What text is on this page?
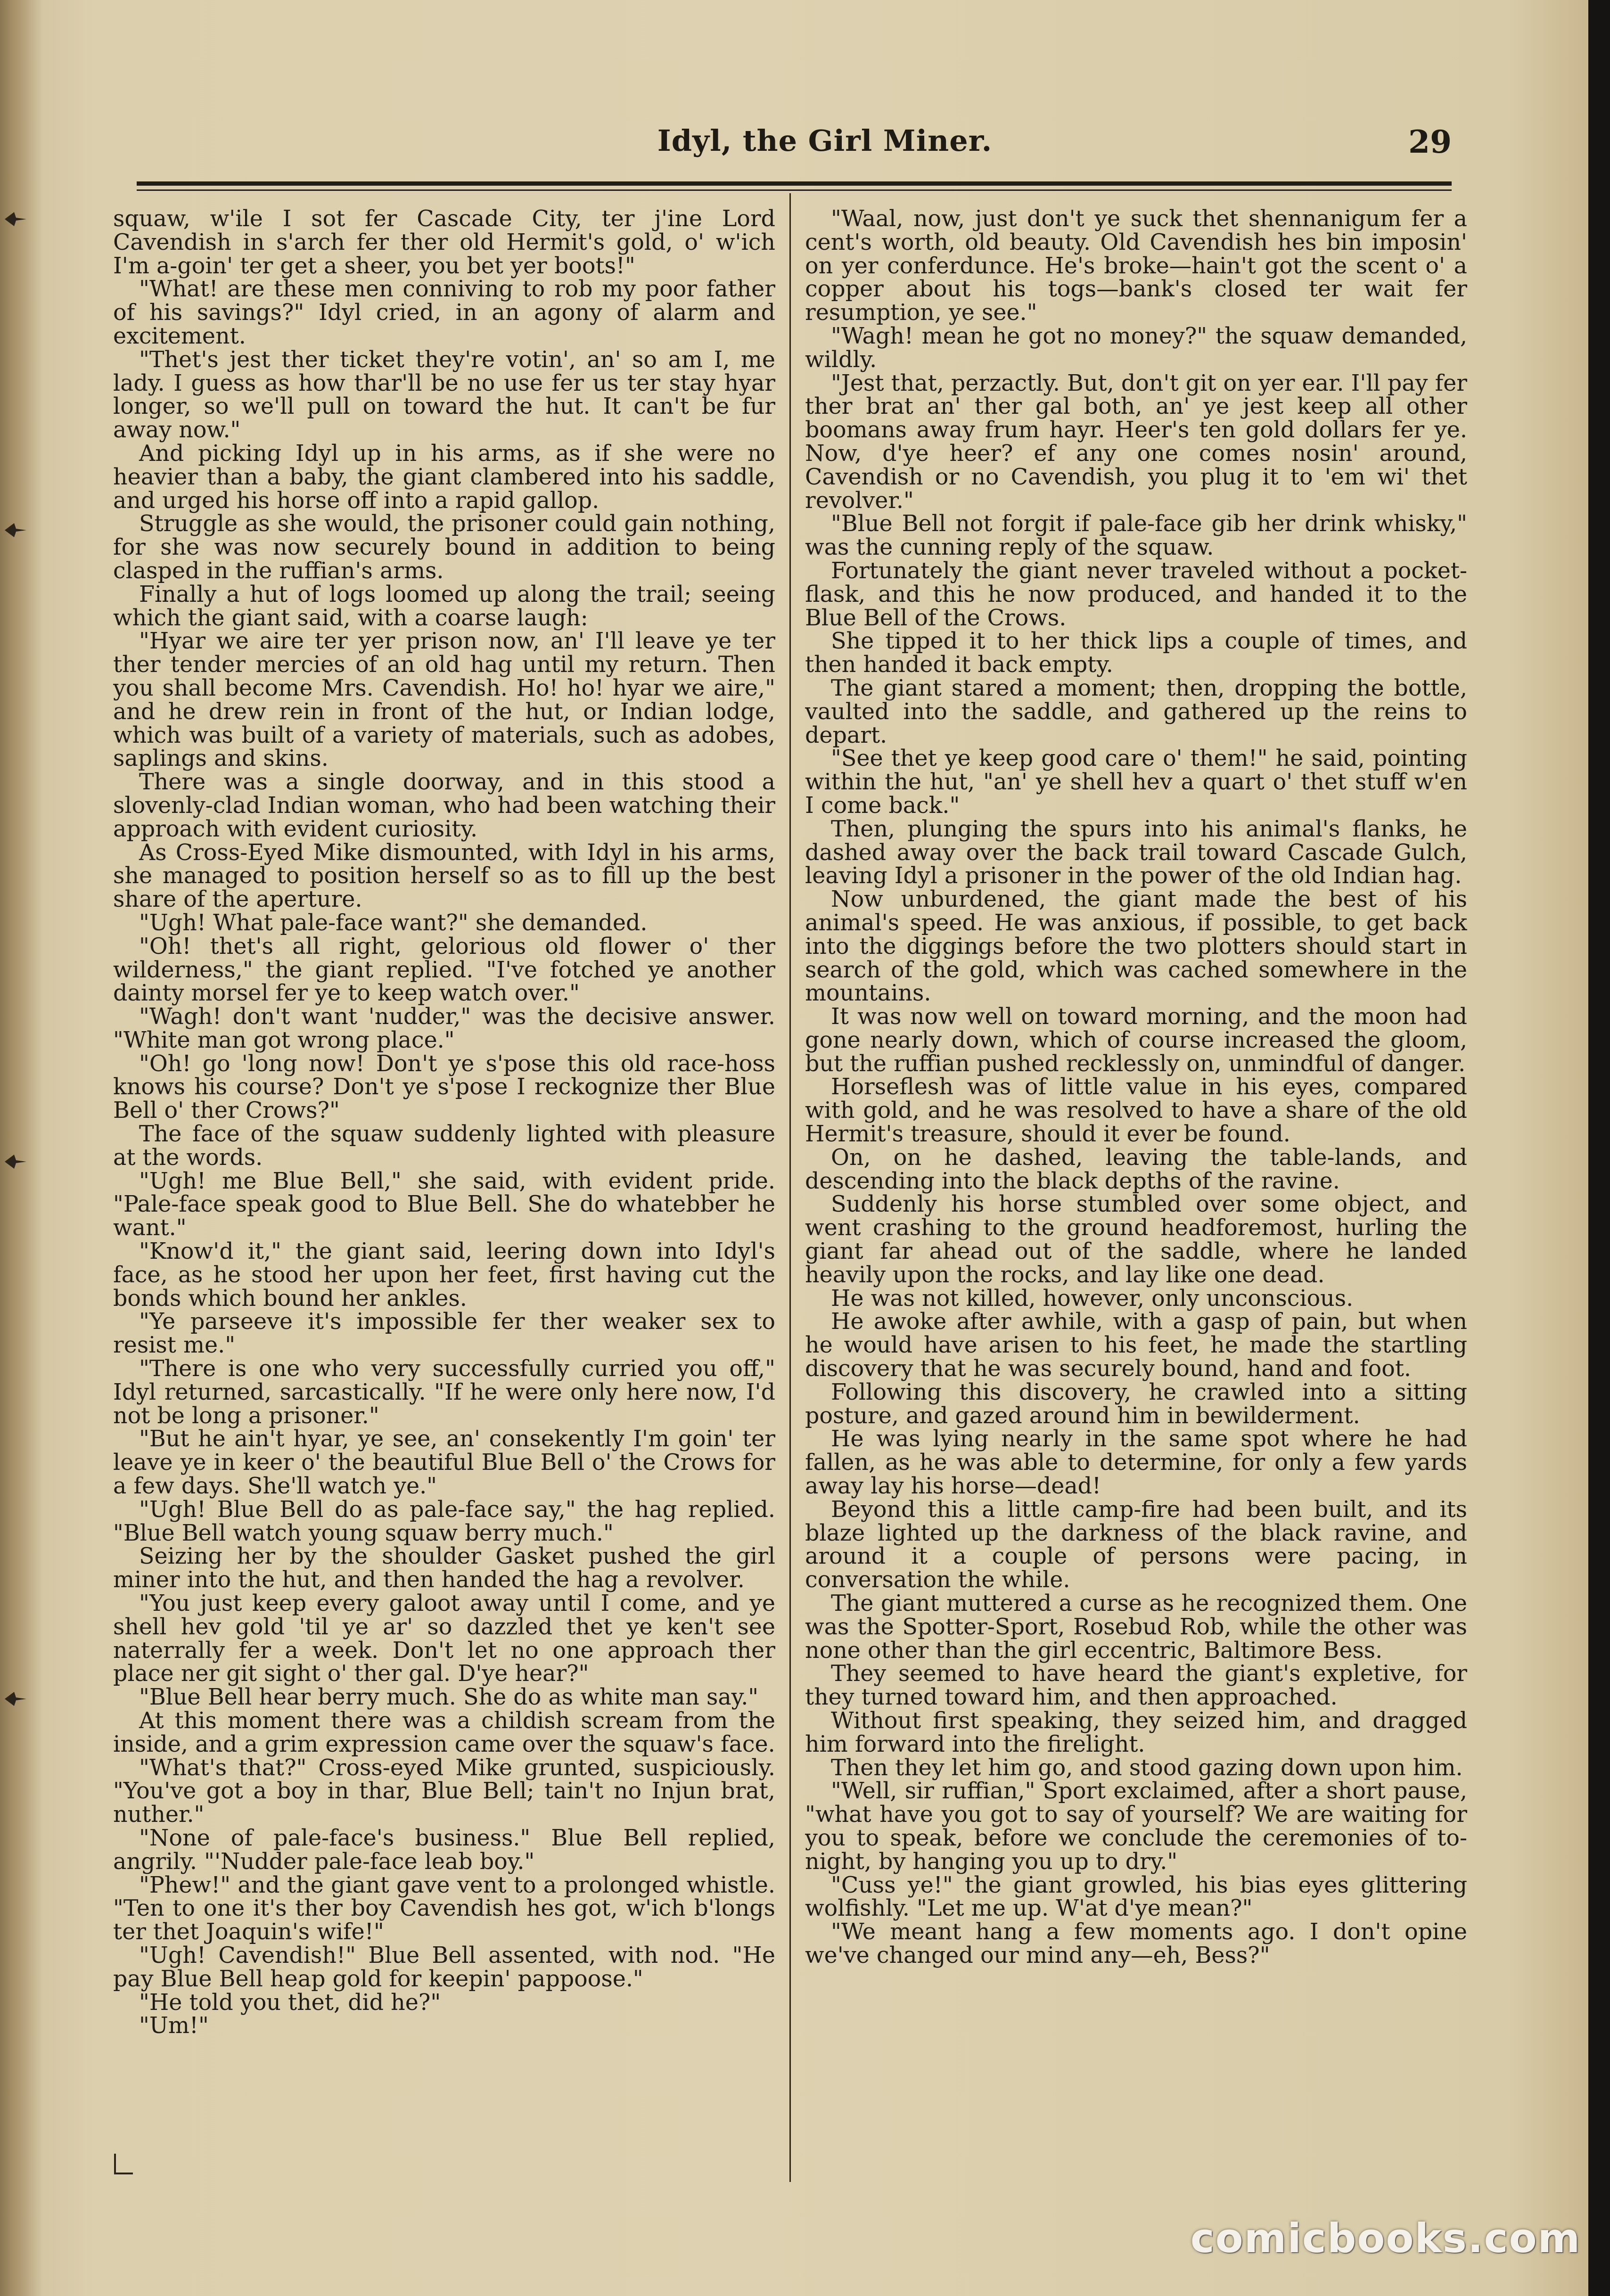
Idyl, the Girl Miner.	29

squaw, w'ile I sot fer Cascade City, ter j'ine Lord Cavendish in s'arch fer ther old Hermit's gold, o' w'ich I'm a-goin' ter get a sheer, you bet yer boots!"

"What! are these men conniving to rob my poor father of his savings?" Idyl cried, in an agony of alarm and excitement.

"Thet's jest ther ticket they're votin', an' so am I, me lady. I guess as how thar'll be no use fer us ter stay hyar longer, so we'll pull on toward the hut. It can't be fur away now."

And picking Idyl up in his arms, as if she were no heavier than a baby, the giant clambered into his saddle, and urged his horse off into a rapid gallop.

Struggle as she would, the prisoner could gain nothing, for she was now securely bound in addition to being clasped in the ruffian's arms.

Finally a hut of logs loomed up along the trail; seeing which the giant said, with a coarse laugh:

"Hyar we aire ter yer prison now, an' I'll leave ye ter ther tender mercies of an old hag until my return. Then you shall become Mrs. Cavendish. Ho! ho! hyar we aire," and he drew rein in front of the hut, or Indian lodge, which was built of a variety of materials, such as adobes, saplings and skins.

There was a single doorway, and in this stood a slovenly-clad Indian woman, who had been watching their approach with evident curiosity.

As Cross-Eyed Mike dismounted, with Idyl in his arms, she managed to position herself so as to fill up the best share of the aperture.

"Ugh! What pale-face want?" she demanded.

"Oh! thet's all right, gelorious old flower o' ther wilderness," the giant replied. "I've fotched ye another dainty morsel fer ye to keep watch over."

"Wagh! don't want 'nudder," was the decisive answer. "White man got wrong place."

"Oh! go 'long now! Don't ye s'pose this old race-hoss knows his course? Don't ye s'pose I reckognize ther Blue Bell o' ther Crows?"

The face of the squaw suddenly lighted with pleasure at the words.

"Ugh! me Blue Bell," she said, with evident pride. "Pale-face speak good to Blue Bell. She do whatebber he want."

"Know'd it," the giant said, leering down into Idyl's face, as he stood her upon her feet, first having cut the bonds which bound her ankles.

"Ye parseeve it's impossible fer ther weaker sex to resist me."

"There is one who very successfully curried you off," Idyl returned, sarcastically. "If he were only here now, I'd not be long a prisoner."

"But he ain't hyar, ye see, an' consekently I'm goin' ter leave ye in keer o' the beautiful Blue Bell o' the Crows for a few days. She'll watch ye."

"Ugh! Blue Bell do as pale-face say," the hag replied. "Blue Bell watch young squaw berry much."

Seizing her by the shoulder Gasket pushed the girl miner into the hut, and then handed the hag a revolver.

"You just keep every galoot away until I come, and ye shell hev gold 'til ye ar' so dazzled thet ye ken't see naterrally fer a week. Don't let no one approach ther place ner git sight o' ther gal. D'ye hear?"

"Blue Bell hear berry much. She do as white man say."

At this moment there was a childish scream from the inside, and a grim expression came over the squaw's face.

"What's that?" Cross-eyed Mike grunted, suspiciously. "You've got a boy in thar, Blue Bell; tain't no Injun brat, nuther."

"None of pale-face's business." Blue Bell replied, angrily. "'Nudder pale-face leab boy."

"Phew!" and the giant gave vent to a prolonged whistle. "Ten to one it's ther boy Cavendish hes got, w'ich b'longs ter thet Joaquin's wife!"

"Ugh! Cavendish!" Blue Bell assented, with nod. "He pay Blue Bell heap gold for keepin' pappoose."

"He told you thet, did he?"

"Um!"

"Waal, now, just don't ye suck thet shennanigum fer a cent's worth, old beauty. Old Cavendish hes bin imposin' on yer conferdunce. He's broke—hain't got the scent o' a copper about his togs—bank's closed ter wait fer resumption, ye see."

"Wagh! mean he got no money?" the squaw demanded, wildly.

"Jest that, perzactly. But, don't git on yer ear. I'll pay fer ther brat an' ther gal both, an' ye jest keep all other boomans away frum hayr. Heer's ten gold dollars fer ye. Now, d'ye heer? ef any one comes nosin' around, Cavendish or no Cavendish, you plug it to 'em wi' thet revolver."

"Blue Bell not forgit if pale-face gib her drink whisky," was the cunning reply of the squaw.

Fortunately the giant never traveled without a pocket-flask, and this he now produced, and handed it to the Blue Bell of the Crows.

She tipped it to her thick lips a couple of times, and then handed it back empty.

The giant stared a moment; then, dropping the bottle, vaulted into the saddle, and gathered up the reins to depart.

"See thet ye keep good care o' them!" he said, pointing within the hut, "an' ye shell hev a quart o' thet stuff w'en I come back."

Then, plunging the spurs into his animal's flanks, he dashed away over the back trail toward Cascade Gulch, leaving Idyl a prisoner in the power of the old Indian hag.

Now unburdened, the giant made the best of his animal's speed. He was anxious, if possible, to get back into the diggings before the two plotters should start in search of the gold, which was cached somewhere in the mountains.

It was now well on toward morning, and the moon had gone nearly down, which of course increased the gloom, but the ruffian pushed recklessly on, unmindful of danger.

Horseflesh was of little value in his eyes, compared with gold, and he was resolved to have a share of the old Hermit's treasure, should it ever be found.

On, on he dashed, leaving the table-lands, and descending into the black depths of the ravine.

Suddenly his horse stumbled over some object, and went crashing to the ground headforemost, hurling the giant far ahead out of the saddle, where he landed heavily upon the rocks, and lay like one dead.

He was not killed, however, only unconscious.

He awoke after awhile, with a gasp of pain, but when he would have arisen to his feet, he made the startling discovery that he was securely bound, hand and foot.

Following this discovery, he crawled into a sitting posture, and gazed around him in bewilderment.

He was lying nearly in the same spot where he had fallen, as he was able to determine, for only a few yards away lay his horse—dead!

Beyond this a little camp-fire had been built, and its blaze lighted up the darkness of the black ravine, and around it a couple of persons were pacing, in conversation the while.

The giant muttered a curse as he recognized them. One was the Spotter-Sport, Rosebud Rob, while the other was none other than the girl eccentric, Baltimore Bess.

They seemed to have heard the giant's expletive, for they turned toward him, and then approached.

Without first speaking, they seized him, and dragged him forward into the firelight.

Then they let him go, and stood gazing down upon him.

"Well, sir ruffian," Sport exclaimed, after a short pause, "what have you got to say of yourself? We are waiting for you to speak, before we conclude the ceremonies of to-night, by hanging you up to dry."

"Cuss ye!" the giant growled, his bias eyes glittering wolfishly. "Let me up. W'at d'ye mean?"

"We meant hang a few moments ago. I don't opine we've changed our mind any—eh, Bess?"

comicbooks.com
